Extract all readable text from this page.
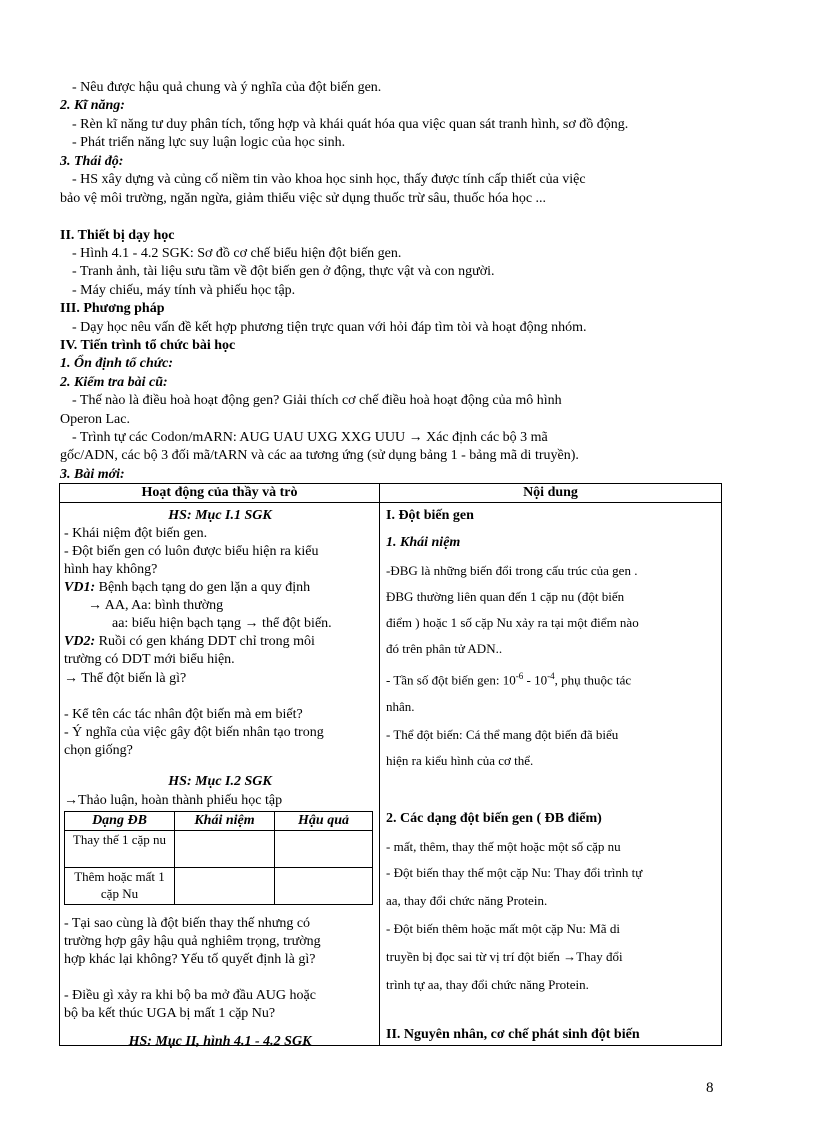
- Nêu được hậu quả chung và ý nghĩa của đột biến gen.
2. Kĩ năng:
- Rèn kĩ năng tư duy phân tích, tổng hợp và khái quát hóa qua việc quan sát tranh hình, sơ đồ động.
- Phát triển năng lực suy luận logic của học sinh.
3. Thái độ:
- HS xây dựng và củng cố niềm tin vào khoa học sinh học, thấy được tính cấp thiết của việc
bảo vệ môi trường, ngăn ngừa, giảm thiểu việc sử dụng thuốc trừ sâu, thuốc hóa học ...
II. Thiết bị dạy học
- Hình 4.1 - 4.2 SGK: Sơ đồ cơ chế biểu hiện đột biến gen.
- Tranh ảnh, tài liệu sưu tầm về đột biến gen ở động, thực vật và con người.
- Máy chiếu, máy tính và phiếu học tập.
III. Phương pháp
- Dạy học nêu vấn đề kết hợp phương tiện trực quan với hỏi đáp tìm tòi và hoạt động nhóm.
IV. Tiến trình tổ chức bài học
1. Ổn định tổ chức:
2. Kiểm tra bài cũ:
- Thế nào là điều hoà hoạt động gen? Giải thích cơ chế điều hoà hoạt động của mô hình
Operon Lac.
- Trình tự các Codon/mARN: AUG UAU UXG XXG UUU → Xác định các bộ 3 mã
gốc/ADN, các bộ 3 đối mã/tARN và các aa tương ứng (sử dụng bảng 1 - bảng mã di truyền).
3. Bài mới:
Hoạt động của thầy và trò	Nội dung

HS: Mục I.1 SGK
- Khái niệm đột biến gen.
- Đột biến gen có luôn được biểu hiện ra kiểu
hình hay không?
VD1: Bệnh bạch tạng do gen lặn a quy định
→ AA, Aa: bình thường
aa: biểu hiện bạch tạng → thể đột biến.
VD2: Ruồi có gen kháng DDT chỉ trong môi
trường có DDT mới biểu hiện.
→ Thể đột biến là gì?
- Kể tên các tác nhân đột biến mà em biết?
- Ý nghĩa của việc gây đột biến nhân tạo trong
chọn giống?
HS: Mục I.2 SGK
→Thảo luận, hoàn thành phiếu học tập
Dạng ĐB	Khái niệm	Hậu quả
Thay thế 1 cặp nu		
Thêm hoặc mất 1 cặp Nu		
- Tại sao cùng là đột biến thay thế nhưng có
trường hợp gây hậu quả nghiêm trọng, trường
hợp khác lại không? Yếu tố quyết định là gì?
- Điều gì xảy ra khi bộ ba mở đầu AUG hoặc
bộ ba kết thúc UGA bị mất 1 cặp Nu?
HS: Mục II, hình 4.1 - 4.2 SGK

I. Đột biến gen
1. Khái niệm
-ĐBG là những biến đổi trong cấu trúc của gen .
ĐBG thường liên quan đến 1 cặp nu (đột biến
điểm ) hoặc 1 số cặp Nu xảy ra tại một điểm nào
đó trên phân tử ADN..
- Tần số đột biến gen: $10^{-6} - 10^{-4}$, phụ thuộc tác
nhân.
- Thể đột biến: Cá thể mang đột biến đã biểu
hiện ra kiểu hình của cơ thể.
2. Các dạng đột biến gen ( ĐB điểm)
- mất, thêm, thay thế một hoặc một số cặp nu
- Đột biến thay thế một cặp Nu: Thay đổi trình tự
aa, thay đổi chức năng Protein.
- Đột biến thêm hoặc mất một cặp Nu: Mã di
truyền bị đọc sai từ vị trí đột biến →Thay đổi
trình tự aa, thay đổi chức năng Protein.
II. Nguyên nhân, cơ chế phát sinh đột biến
8
